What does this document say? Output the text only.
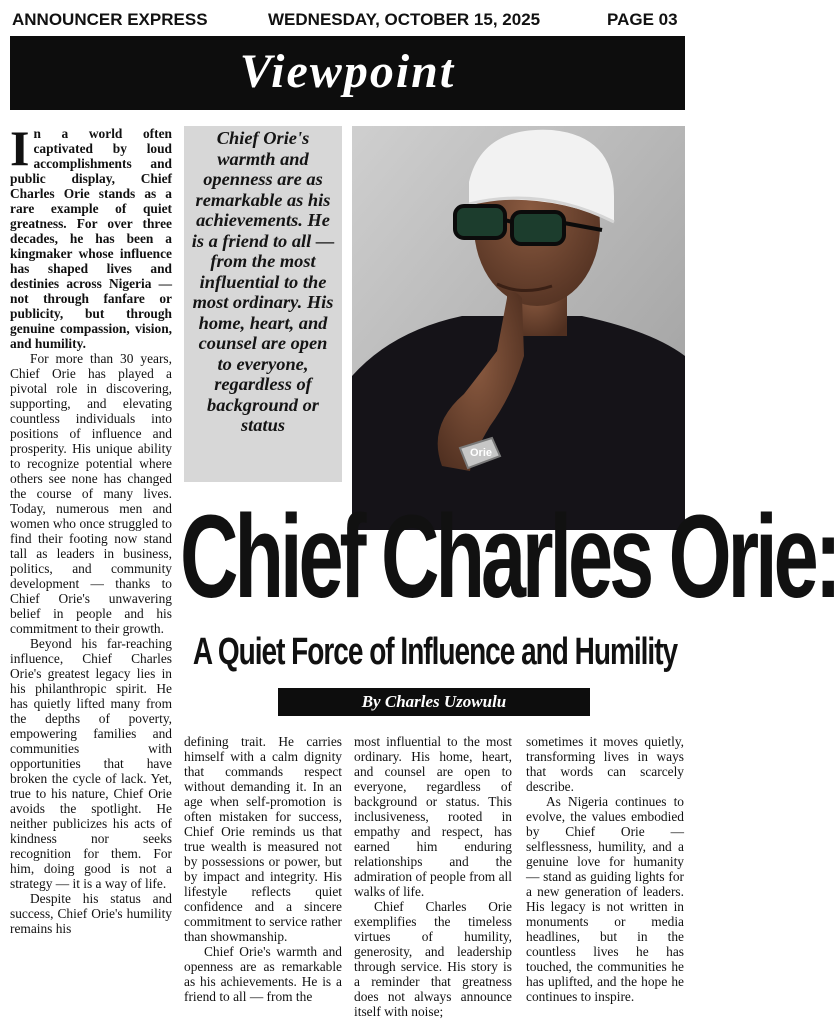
ANNOUNCER EXPRESS	WEDNESDAY, OCTOBER 15, 2025	PAGE 03
Viewpoint

In a world often captivated by loud accomplishments and public display, Chief Charles Orie stands as a rare example of quiet greatness. For over three decades, he has been a kingmaker whose influence has shaped lives and destinies across Nigeria — not through fanfare or publicity, but through genuine compassion, vision, and humility.

For more than 30 years, Chief Orie has played a pivotal role in discovering, supporting, and elevating countless individuals into positions of influence and prosperity. His unique ability to recognize potential where others see none has changed the course of many lives. Today, numerous men and women who once struggled to find their footing now stand tall as leaders in business, politics, and community development — thanks to Chief Orie's unwavering belief in people and his commitment to their growth.

Beyond his far-reaching influence, Chief Charles Orie's greatest legacy lies in his philanthropic spirit. He has quietly lifted many from the depths of poverty, empowering families and communities with opportunities that have broken the cycle of lack. Yet, true to his nature, Chief Orie avoids the spotlight. He neither publicizes his acts of kindness nor seeks recognition for them. For him, doing good is not a strategy — it is a way of life.

Despite his status and success, Chief Orie's humility remains his

Chief Orie's warmth and openness are as remarkable as his achievements. He is a friend to all — from the most influential to the most ordinary. His home, heart, and counsel are open to everyone, regardless of background or status
Orie
Chief Charles Orie:
A Quiet Force of Influence and Humility
By Charles Uzowulu

defining trait. He carries himself with a calm dignity that commands respect without demanding it. In an age when self-promotion is often mistaken for success, Chief Orie reminds us that true wealth is measured not by possessions or power, but by impact and integrity. His lifestyle reflects quiet confidence and a sincere commitment to service rather than showmanship.

Chief Orie's warmth and openness are as remarkable as his achievements. He is a friend to all — from the

most influential to the most ordinary. His home, heart, and counsel are open to everyone, regardless of background or status. This inclusiveness, rooted in empathy and respect, has earned him enduring relationships and the admiration of people from all walks of life.

Chief Charles Orie exemplifies the timeless virtues of humility, generosity, and leadership through service. His story is a reminder that greatness does not always announce itself with noise;

sometimes it moves quietly, transforming lives in ways that words can scarcely describe.

As Nigeria continues to evolve, the values embodied by Chief Orie — selflessness, humility, and a genuine love for humanity — stand as guiding lights for a new generation of leaders. His legacy is not written in monuments or media headlines, but in the countless lives he has touched, the communities he has uplifted, and the hope he continues to inspire.
